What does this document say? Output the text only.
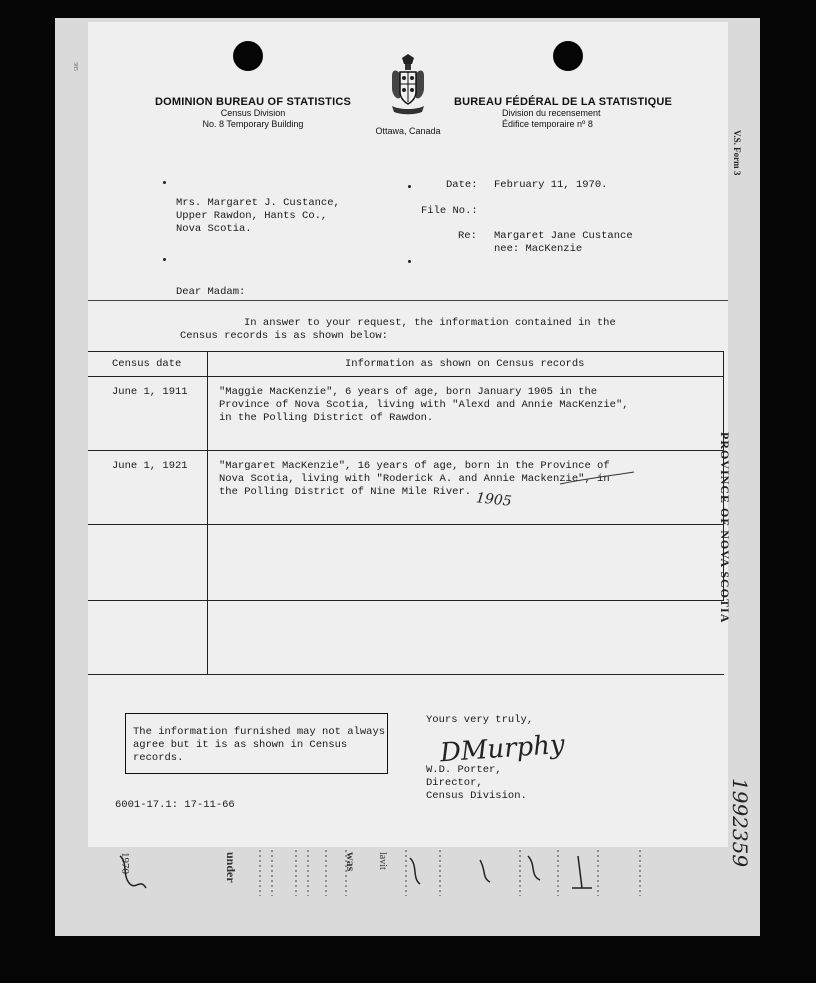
DOMINION BUREAU OF STATISTICS
Census Division
No. 8 Temporary Building
Ottawa, Canada
BUREAU FÉDÉRAL DE LA STATISTIQUE
Division du recensement
Édifice temporaire nº 8
Mrs. Margaret J. Custance,
Upper Rawdon, Hants Co.,
Nova Scotia.
Date: February 11, 1970.
File No.:
Re: Margaret Jane Custance
nee: MacKenzie
Dear Madam:
In answer to your request, the information contained in the
Census records is as shown below:
Census date	Information as shown on Census records
June 1, 1911	"Maggie MacKenzie", 6 years of age, born January 1905 in the
Province of Nova Scotia, living with "Alexd and Annie MacKenzie",
in the Polling District of Rawdon.
June 1, 1921	"Margaret MacKenzie", 16 years of age, born in the Province of
Nova Scotia, living with "Roderick A. and Annie Mackenzie", in
the Polling District of Nine Mile River. 1905
The information furnished may not always
agree but it is as shown in Census
records.
Yours very truly,
DMurphy
W.D. Porter,
Director,
Census Division.
6001-17.1: 17-11-66
V.S. Form 3
PROVINCE OF NOVA SCOTIA
1992359
385
1970	under	was lavit
